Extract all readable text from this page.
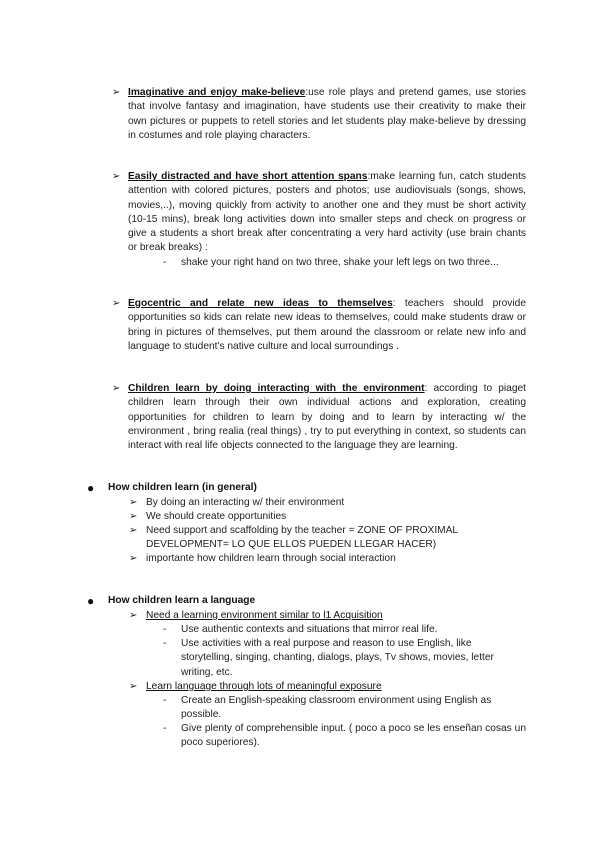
➢ Imaginative and enjoy make-believe:use role plays and pretend games, use stories that involve fantasy and imagination, have students use their creativity to make their own pictures or puppets to retell stories and let students play make-believe by dressing in costumes and role playing characters.

➢ Easily distracted and have short attention spans:make learning fun, catch students attention with colored pictures, posters and photos; use audiovisuals (songs, shows, movies,..), moving quickly from activity to another one and they must be short activity (10-15 mins), break long activities down into smaller steps and check on progress or give a students a short break after concentrating a very hard activity (use brain chants or break breaks) :

- shake your right hand on two three, shake your left legs on two three...

➢ Egocentric and relate new ideas to themselves: teachers should provide opportunities so kids can relate new ideas to themselves, could make students draw or bring in pictures of themselves, put them around the classroom or relate new info and language to student's native culture and local surroundings .

➢ Children learn by doing interacting with the environment: according to piaget children learn through their own individual actions and exploration, creating opportunities for children to learn by doing and to learn by interacting w/ the environment , bring realia (real things) , try to put everything in context, so students can interact with real life objects connected to the language they are learning.

● How children learn (in general)
➢ By doing an interacting w/ their environment

➢ We should create opportunities

➢ Need support and scaffolding by the teacher = ZONE OF PROXIMAL DEVELOPMENT= LO QUE ELLOS PUEDEN LLEGAR HACER)

➢ importante how children learn through social interaction

● How children learn a language
➢ Need a learning environment similar to l1 Acquisition

- Use authentic contexts and situations that mirror real life.

- Use activities with a real purpose and reason to use English, like storytelling, singing, chanting, dialogs, plays, Tv shows, movies, letter writing, etc.

➢ Learn language through lots of meaningful exposure

- Create an English-speaking classroom environment using English as possible.

- Give plenty of comprehensible input. ( poco a poco se les enseñan cosas un poco superiores).
